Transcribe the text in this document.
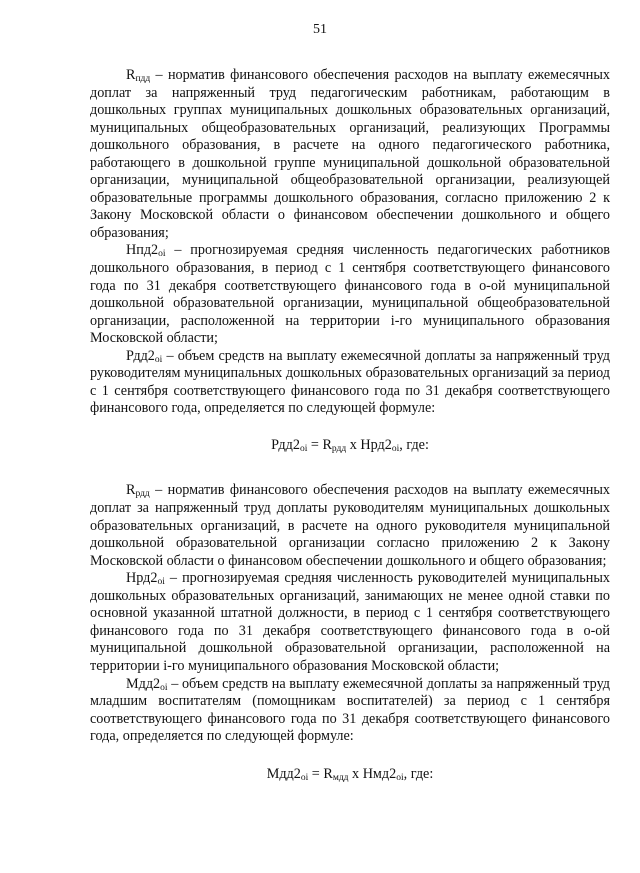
51

$R_{пдд}$ – норматив финансового обеспечения расходов на выплату ежемесячных доплат за напряженный труд педагогическим работникам, работающим в дошкольных группах муниципальных дошкольных образовательных организаций, муниципальных общеобразовательных организаций, реализующих Программы дошкольного образования, в расчете на одного педагогического работника, работающего в дошкольной группе муниципальной дошкольной образовательной организации, муниципальной общеобразовательной организации, реализующей образовательные программы дошкольного образования, согласно приложению 2 к Закону Московской области о финансовом обеспечении дошкольного и общего образования;

$Нпд2_{oi}$ – прогнозируемая средняя численность педагогических работников дошкольного образования, в период с 1 сентября соответствующего финансового года по 31 декабря соответствующего финансового года в о-ой муниципальной дошкольной образовательной организации, муниципальной общеобразовательной организации, расположенной на территории i-го муниципального образования Московской области;

$Рдд2_{oi}$ – объем средств на выплату ежемесячной доплаты за напряженный труд руководителям муниципальных дошкольных образовательных организаций за период с 1 сентября соответствующего финансового года по 31 декабря соответствующего финансового года, определяется по следующей формуле:

$Рдд2_{oi} = R_{рдд}$ x $Нрд2_{oi}$, где:

$R_{рдд}$ – норматив финансового обеспечения расходов на выплату ежемесячных доплат за напряженный труд доплаты руководителям муниципальных дошкольных образовательных организаций, в расчете на одного руководителя муниципальной дошкольной образовательной организации согласно приложению 2 к Закону Московской области о финансовом обеспечении дошкольного и общего образования;

$Нрд2_{oi}$ – прогнозируемая средняя численность руководителей муниципальных дошкольных образовательных организаций, занимающих не менее одной ставки по основной указанной штатной должности, в период с 1 сентября соответствующего финансового года по 31 декабря соответствующего финансового года в о-ой муниципальной дошкольной образовательной организации, расположенной на территории i-го муниципального образования Московской области;

$Мдд2_{oi}$ – объем средств на выплату ежемесячной доплаты за напряженный труд младшим воспитателям (помощникам воспитателей) за период с 1 сентября соответствующего финансового года по 31 декабря соответствующего финансового года, определяется по следующей формуле:

$Мдд2_{oi} = R_{мдд}$ x $Нмд2_{oi}$, где:
